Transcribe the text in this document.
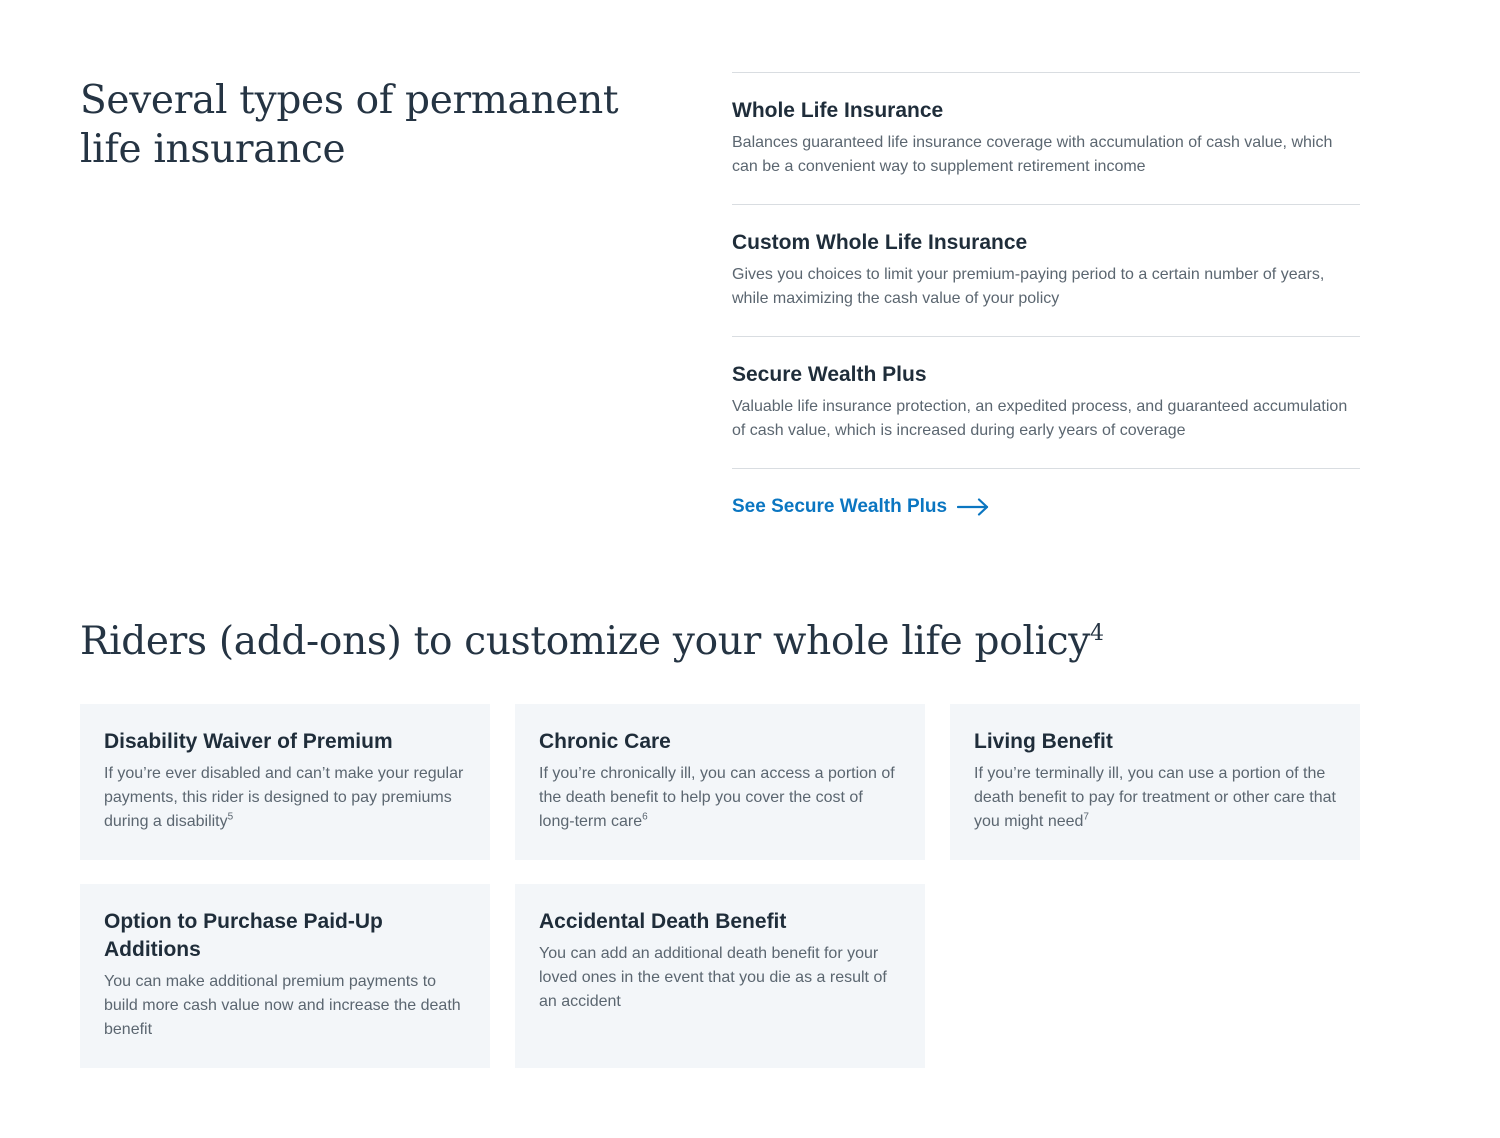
Several types of permanent life insurance
Whole Life Insurance

Balances guaranteed life insurance coverage with accumulation of cash value, which can be a convenient way to supplement retirement income

Custom Whole Life Insurance

Gives you choices to limit your premium-paying period to a certain number of years, while maximizing the cash value of your policy

Secure Wealth Plus

Valuable life insurance protection, an expedited process, and guaranteed accumulation of cash value, which is increased during early years of coverage

See Secure Wealth Plus
Riders (add-ons) to customize your whole life policy$^4$
Disability Waiver of Premium

If you’re ever disabled and can’t make your regular payments, this rider is designed to pay premiums during a disability$^5$

Chronic Care

If you’re chronically ill, you can access a portion of the death benefit to help you cover the cost of long-term care$^6$

Living Benefit

If you’re terminally ill, you can use a portion of the death benefit to pay for treatment or other care that you might need$^7$

Option to Purchase Paid-Up Additions

You can make additional premium payments to build more cash value now and increase the death benefit

Accidental Death Benefit

You can add an additional death benefit for your loved ones in the event that you die as a result of an accident
